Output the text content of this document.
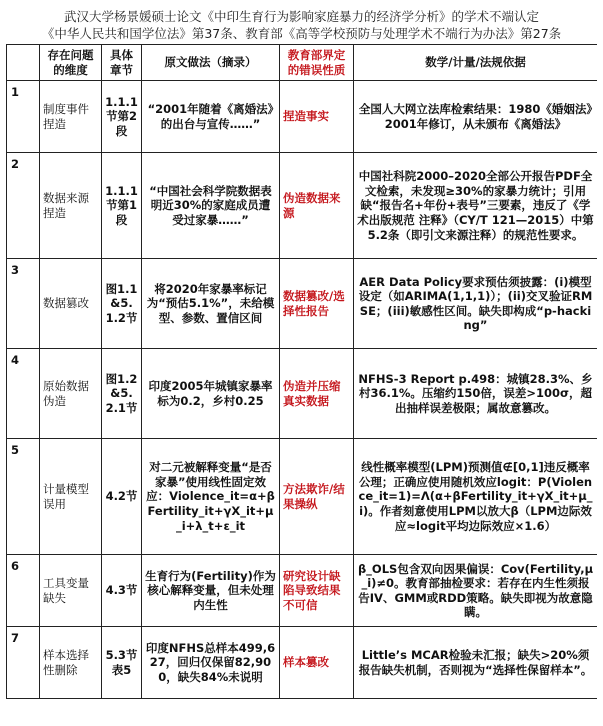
武汉大学杨景媛硕士论文《中印生育行为影响家庭暴力的经济学分析》的学术不端认定
《中华人民共和国学位法》第37条、教育部《高等学校预防与处理学术不端行为办法》第27条
	存在问题的维度	具体章节	原文做法（摘录）	教育部界定的错误性质	数学/计量/法规依据
1	制度事件捏造	1.1.1节第2段	“2001年随着《离婚法》的出台与宣传……”	捏造事实	全国人大网立法库检索结果：1980《婚姻法》2001年修订，从未颁布《离婚法》
2	数据来源捏造	1.1.1节第1段	“中国社会科学院数据表明近30%的家庭成员遭受过家暴……”	伪造数据来源	中国社科院2000–2020全部公开报告PDF全文检索，未发现≥30%的家暴力统计；引用缺“报告名+年份+表号”三要素，违反了《学术出版规范 注释》（CY/T 121—2015）中第5.2条（即引文来源注释）的规范性要求。
3	数据篡改	图1.1&5.1.2节	将2020年家暴率标记为“预估5.1%”，未给模型、参数、置信区间	数据篡改/选择性报告	AER Data Policy要求预估须披露：(i)模型设定（如ARIMA(1,1,1)）；(ii)交叉验证RMSE；(iii)敏感性区间。缺失即构成“p-hacking”
4	原始数据伪造	图1.2&5.2.1节	印度2005年城镇家暴率标为0.2，乡村0.25	伪造并压缩真实数据	NFHS-3 Report p.498：城镇28.3%、乡村36.1%。压缩约150倍，误差>100σ，超出抽样误差极限；属故意篡改。
5	计量模型误用	4.2节	对二元被解释变量“是否家暴”使用线性固定效应：Violence_it=α+βFertility_it+γX_it+μ_i+λ_t+ε_it	方法欺诈/结果操纵	线性概率模型(LPM)预测值∉[0,1]违反概率公理；正确应使用随机效应logit：P(Violence_it=1)=Λ(α+βFertility_it+γX_it+μ_i)。作者刻意使用LPM以放大β（LPM边际效应≈logit平均边际效应×1.6）
6	工具变量缺失	4.3节	生育行为(Fertility)作为核心解释变量，但未处理内生性	研究设计缺陷导致结果不可信	β_OLS包含双向因果偏误：Cov(Fertility,μ_i)≠0。教育部抽检要求：若存在内生性须报告IV、GMM或RDD策略。缺失即视为故意隐瞒。
7	样本选择性删除	5.3节表5	印度NFHS总样本499,627，回归仅保留82,900，缺失84%未说明	样本篡改	Little’s MCAR检验未汇报；缺失>20%须报告缺失机制，否则视为“选择性保留样本”。
